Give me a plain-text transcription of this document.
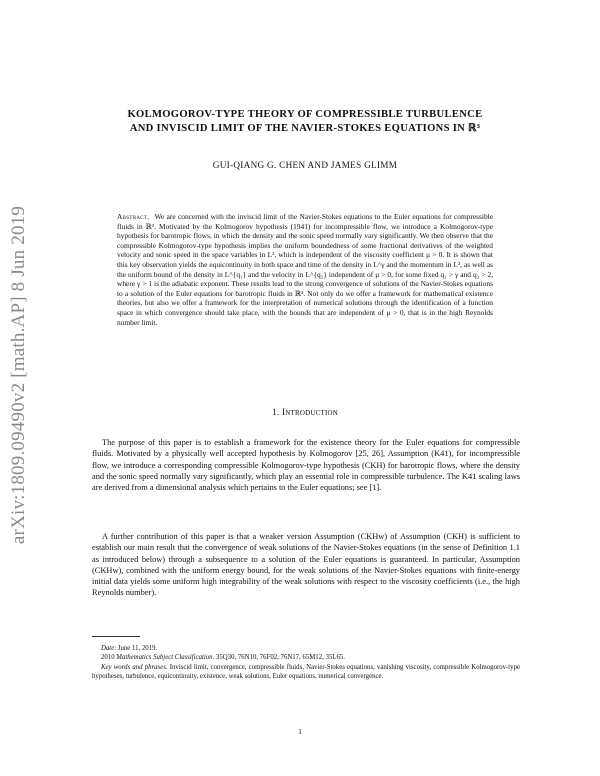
arXiv:1809.09490v2 [math.AP] 8 Jun 2019
KOLMOGOROV-TYPE THEORY OF COMPRESSIBLE TURBULENCE
AND INVISCID LIMIT OF THE NAVIER-STOKES EQUATIONS IN ℝ³
GUI-QIANG G. CHEN AND JAMES GLIMM
Abstract. We are concerned with the inviscid limit of the Navier-Stokes equations to the Euler equations for compressible fluids in ℝ³. Motivated by the Kolmogorov hypothesis (1941) for incompressible flow, we introduce a Kolmogorov-type hypothesis for barotropic flows, in which the density and the sonic speed normally vary significantly. We then observe that the compressible Kolmogorov-type hypothesis implies the uniform boundedness of some fractional derivatives of the weighted velocity and sonic speed in the space variables in L², which is independent of the viscosity coefficient μ > 0. It is shown that this key observation yields the equicontinuity in both space and time of the density in L^γ and the momentum in L², as well as the uniform bound of the density in L^{q₁} and the velocity in L^{q₂} independent of μ > 0, for some fixed q₁ > γ and q₂ > 2, where γ > 1 is the adiabatic exponent. These results lead to the strong convergence of solutions of the Navier-Stokes equations to a solution of the Euler equations for barotropic fluids in ℝ³. Not only do we offer a framework for mathematical existence theories, but also we offer a framework for the interpretation of numerical solutions through the identification of a function space in which convergence should take place, with the bounds that are independent of μ > 0, that is in the high Reynolds number limit.
1. Introduction
The purpose of this paper is to establish a framework for the existence theory for the Euler equations for compressible fluids. Motivated by a physically well accepted hypothesis by Kolmogorov [25, 26], Assumption (K41), for incompressible flow, we introduce a corresponding compressible Kolmogorov-type hypothesis (CKH) for barotropic flows, where the density and the sonic speed normally vary significantly, which play an essential role in compressible turbulence. The K41 scaling laws are derived from a dimensional analysis which pertains to the Euler equations; see [1].
A further contribution of this paper is that a weaker version Assumption (CKHw) of Assumption (CKH) is sufficient to establish our main result that the convergence of weak solutions of the Navier-Stokes equations (in the sense of Definition 1.1 as introduced below) through a subsequence to a solution of the Euler equations is guaranteed. In particular, Assumption (CKHw), combined with the uniform energy bound, for the weak solutions of the Navier-Stokes equations with finite-energy initial data yields some uniform high integrability of the weak solutions with respect to the viscosity coefficients (i.e., the high Reynolds number).

Date: June 11, 2019.

2010 Mathematics Subject Classification. 35Q30, 76N10, 76F02, 76N17, 65M12, 35L65.

Key words and phrases. Inviscid limit, convergence, compressible fluids, Navier-Stokes equations, vanishing viscosity, compressible Kolmogorov-type hypotheses, turbulence, equicontinuity, existence, weak solutions, Euler equations, numerical convergence.

1
